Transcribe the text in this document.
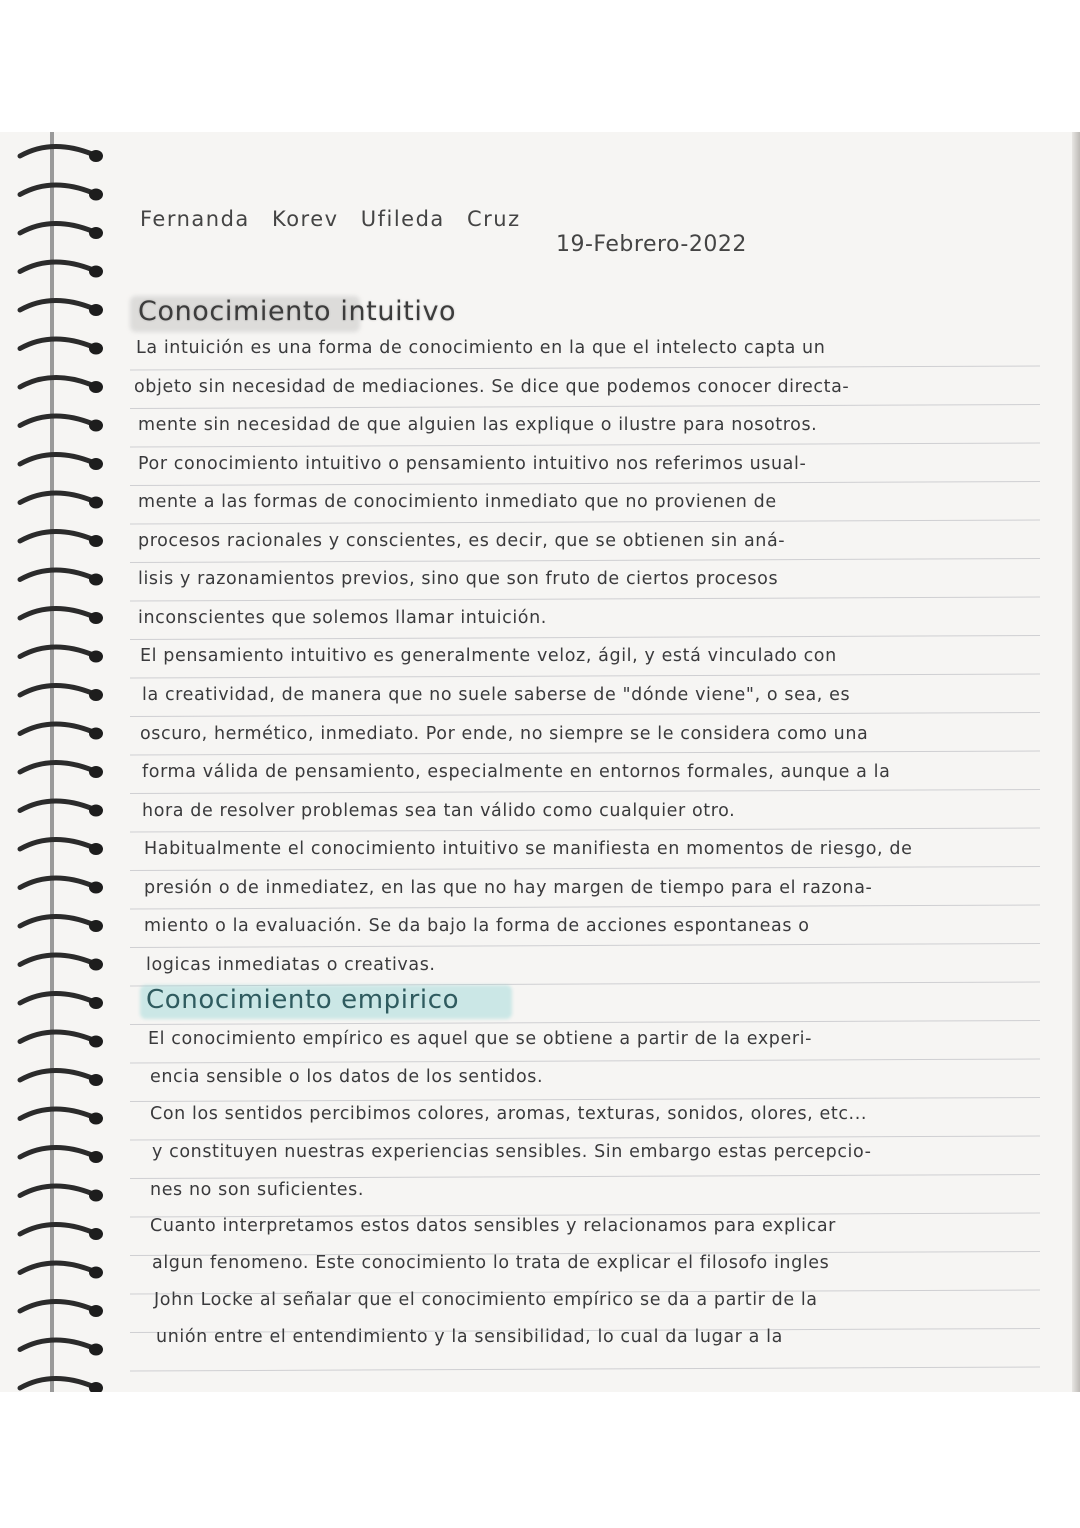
Fernanda Korev Ufileda Cruz
19-Febrero-2022
Conocimiento intuitivo
La intuición es una forma de conocimiento en la que el intelecto capta un
objeto sin necesidad de mediaciones. Se dice que podemos conocer directa-
mente sin necesidad de que alguien las explique o ilustre para nosotros.
Por conocimiento intuitivo o pensamiento intuitivo nos referimos usual-
mente a las formas de conocimiento inmediato que no provienen de
procesos racionales y conscientes, es decir, que se obtienen sin aná-
lisis y razonamientos previos, sino que son fruto de ciertos procesos
inconscientes que solemos llamar intuición.
El pensamiento intuitivo es generalmente veloz, ágil, y está vinculado con
la creatividad, de manera que no suele saberse de "dónde viene", o sea, es
oscuro, hermético, inmediato. Por ende, no siempre se le considera como una
forma válida de pensamiento, especialmente en entornos formales, aunque a la
hora de resolver problemas sea tan válido como cualquier otro.
Habitualmente el conocimiento intuitivo se manifiesta en momentos de riesgo, de
presión o de inmediatez, en las que no hay margen de tiempo para el razona-
miento o la evaluación. Se da bajo la forma de acciones espontaneas o
logicas inmediatas o creativas.
Conocimiento empirico
El conocimiento empírico es aquel que se obtiene a partir de la experi-
encia sensible o los datos de los sentidos.
Con los sentidos percibimos colores, aromas, texturas, sonidos, olores, etc...
y constituyen nuestras experiencias sensibles. Sin embargo estas percepcio-
nes no son suficientes.
Cuanto interpretamos estos datos sensibles y relacionamos para explicar
algun fenomeno. Este conocimiento lo trata de explicar el filosofo ingles
John Locke al señalar que el conocimiento empírico se da a partir de la
unión entre el entendimiento y la sensibilidad, lo cual da lugar a la
